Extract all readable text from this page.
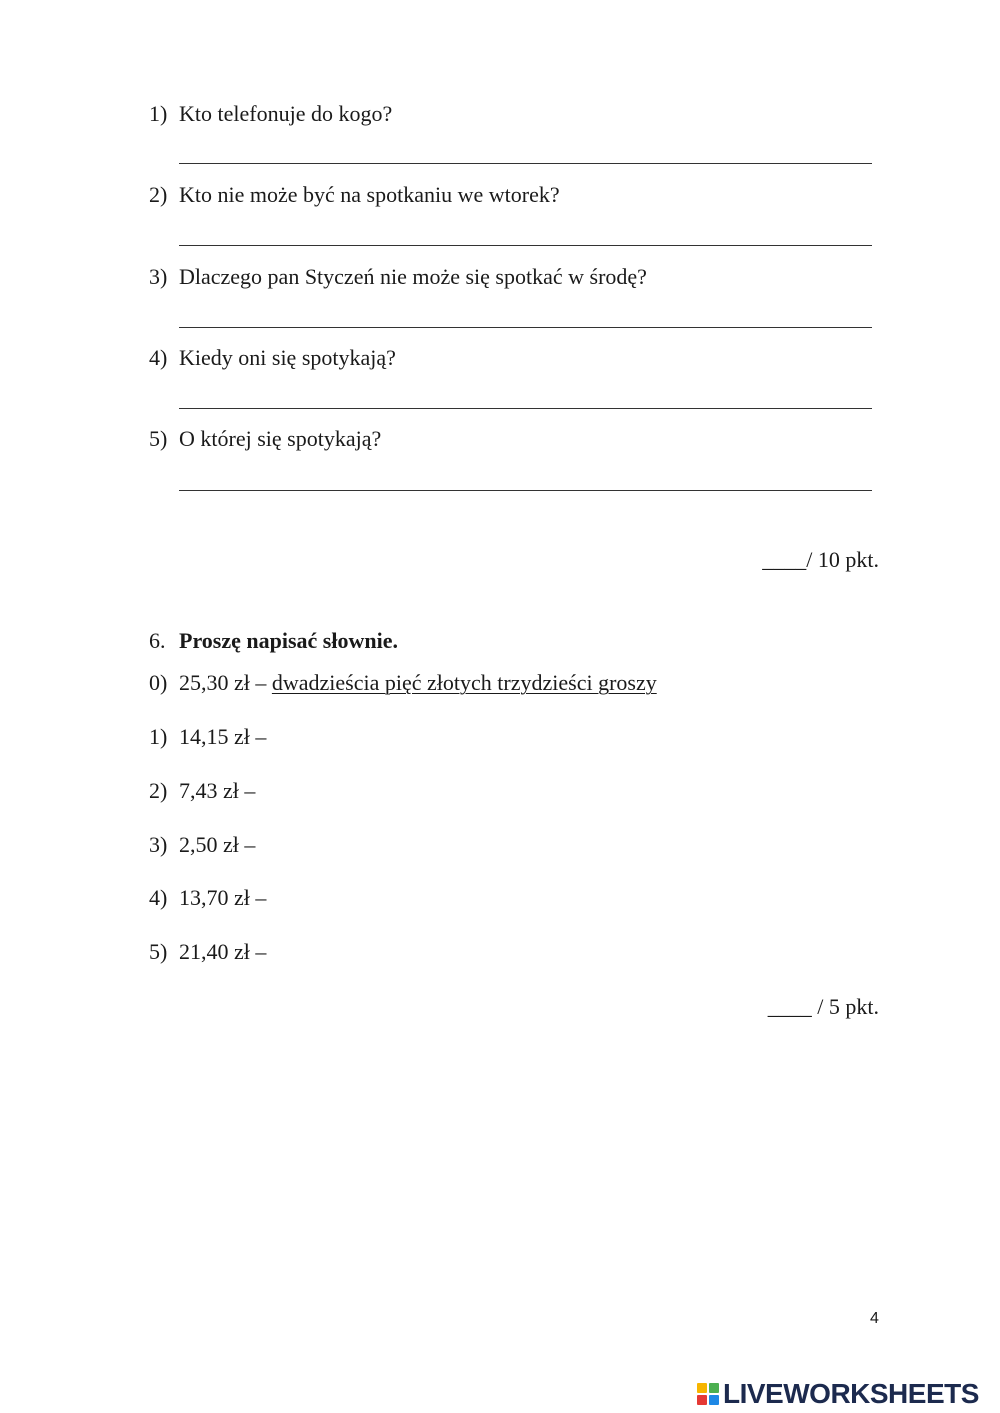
1) Kto telefonuje do kogo?
2) Kto nie może być na spotkaniu we wtorek?
3) Dlaczego pan Styczeń nie może się spotkać w środę?
4) Kiedy oni się spotykają?
5) O której się spotykają?
____/ 10 pkt.
6. Proszę napisać słownie.
0) 25,30 zł – dwadzieścia pięć złotych trzydzieści groszy
1) 14,15 zł –
2) 7,43 zł –
3) 2,50 zł –
4) 13,70 zł –
5) 21,40 zł –
____ / 5 pkt.
4
LIVEWORKSHEETS
